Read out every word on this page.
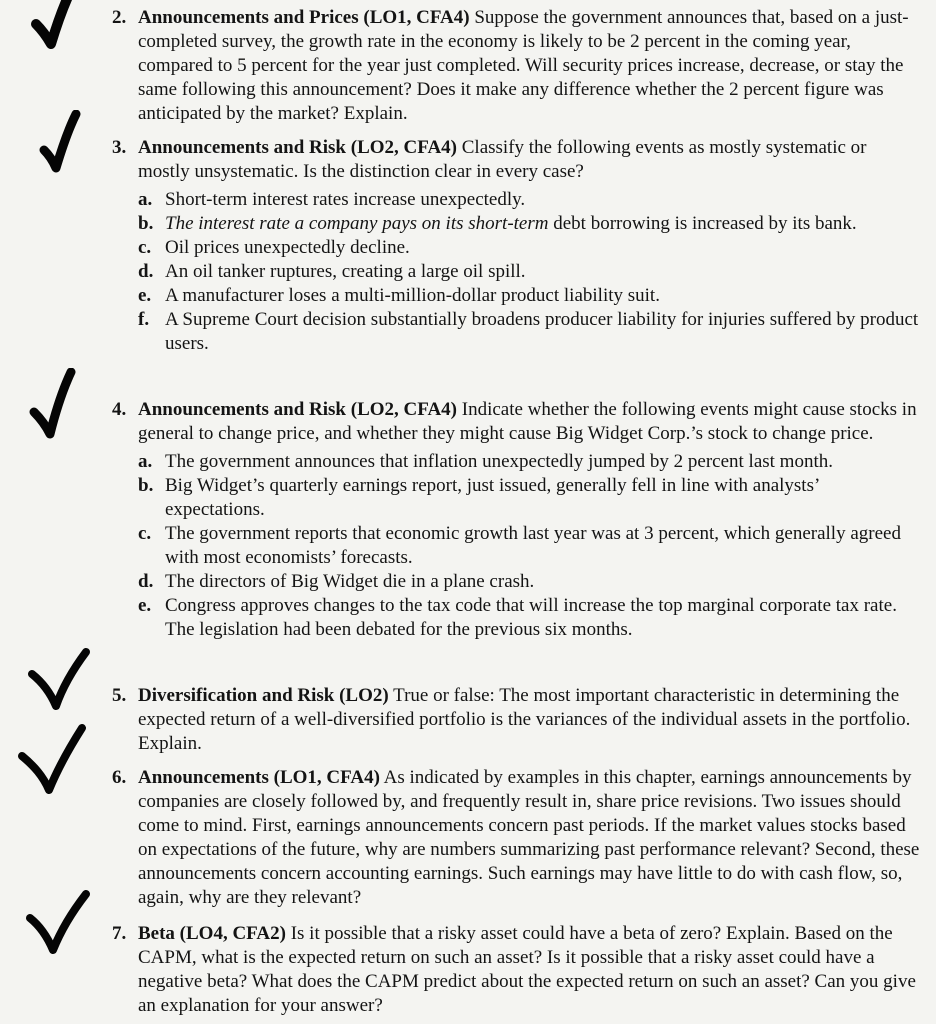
2. Announcements and Prices (LO1, CFA4) Suppose the government announces that, based on a just-completed survey, the growth rate in the economy is likely to be 2 percent in the coming year, compared to 5 percent for the year just completed. Will security prices increase, decrease, or stay the same following this announcement? Does it make any difference whether the 2 percent figure was anticipated by the market? Explain.
3. Announcements and Risk (LO2, CFA4) Classify the following events as mostly systematic or mostly unsystematic. Is the distinction clear in every case?
a. Short-term interest rates increase unexpectedly.
b. The interest rate a company pays on its short-term debt borrowing is increased by its bank.
c. Oil prices unexpectedly decline.
d. An oil tanker ruptures, creating a large oil spill.
e. A manufacturer loses a multi-million-dollar product liability suit.
f. A Supreme Court decision substantially broadens producer liability for injuries suffered by product users.
4. Announcements and Risk (LO2, CFA4) Indicate whether the following events might cause stocks in general to change price, and whether they might cause Big Widget Corp.’s stock to change price.
a. The government announces that inflation unexpectedly jumped by 2 percent last month.
b. Big Widget’s quarterly earnings report, just issued, generally fell in line with analysts’ expectations.
c. The government reports that economic growth last year was at 3 percent, which generally agreed with most economists’ forecasts.
d. The directors of Big Widget die in a plane crash.
e. Congress approves changes to the tax code that will increase the top marginal corporate tax rate. The legislation had been debated for the previous six months.
5. Diversification and Risk (LO2) True or false: The most important characteristic in determining the expected return of a well-diversified portfolio is the variances of the individual assets in the portfolio. Explain.
6. Announcements (LO1, CFA4) As indicated by examples in this chapter, earnings announcements by companies are closely followed by, and frequently result in, share price revisions. Two issues should come to mind. First, earnings announcements concern past periods. If the market values stocks based on expectations of the future, why are numbers summarizing past performance relevant? Second, these announcements concern accounting earnings. Such earnings may have little to do with cash flow, so, again, why are they relevant?
7. Beta (LO4, CFA2) Is it possible that a risky asset could have a beta of zero? Explain. Based on the CAPM, what is the expected return on such an asset? Is it possible that a risky asset could have a negative beta? What does the CAPM predict about the expected return on such an asset? Can you give an explanation for your answer?
